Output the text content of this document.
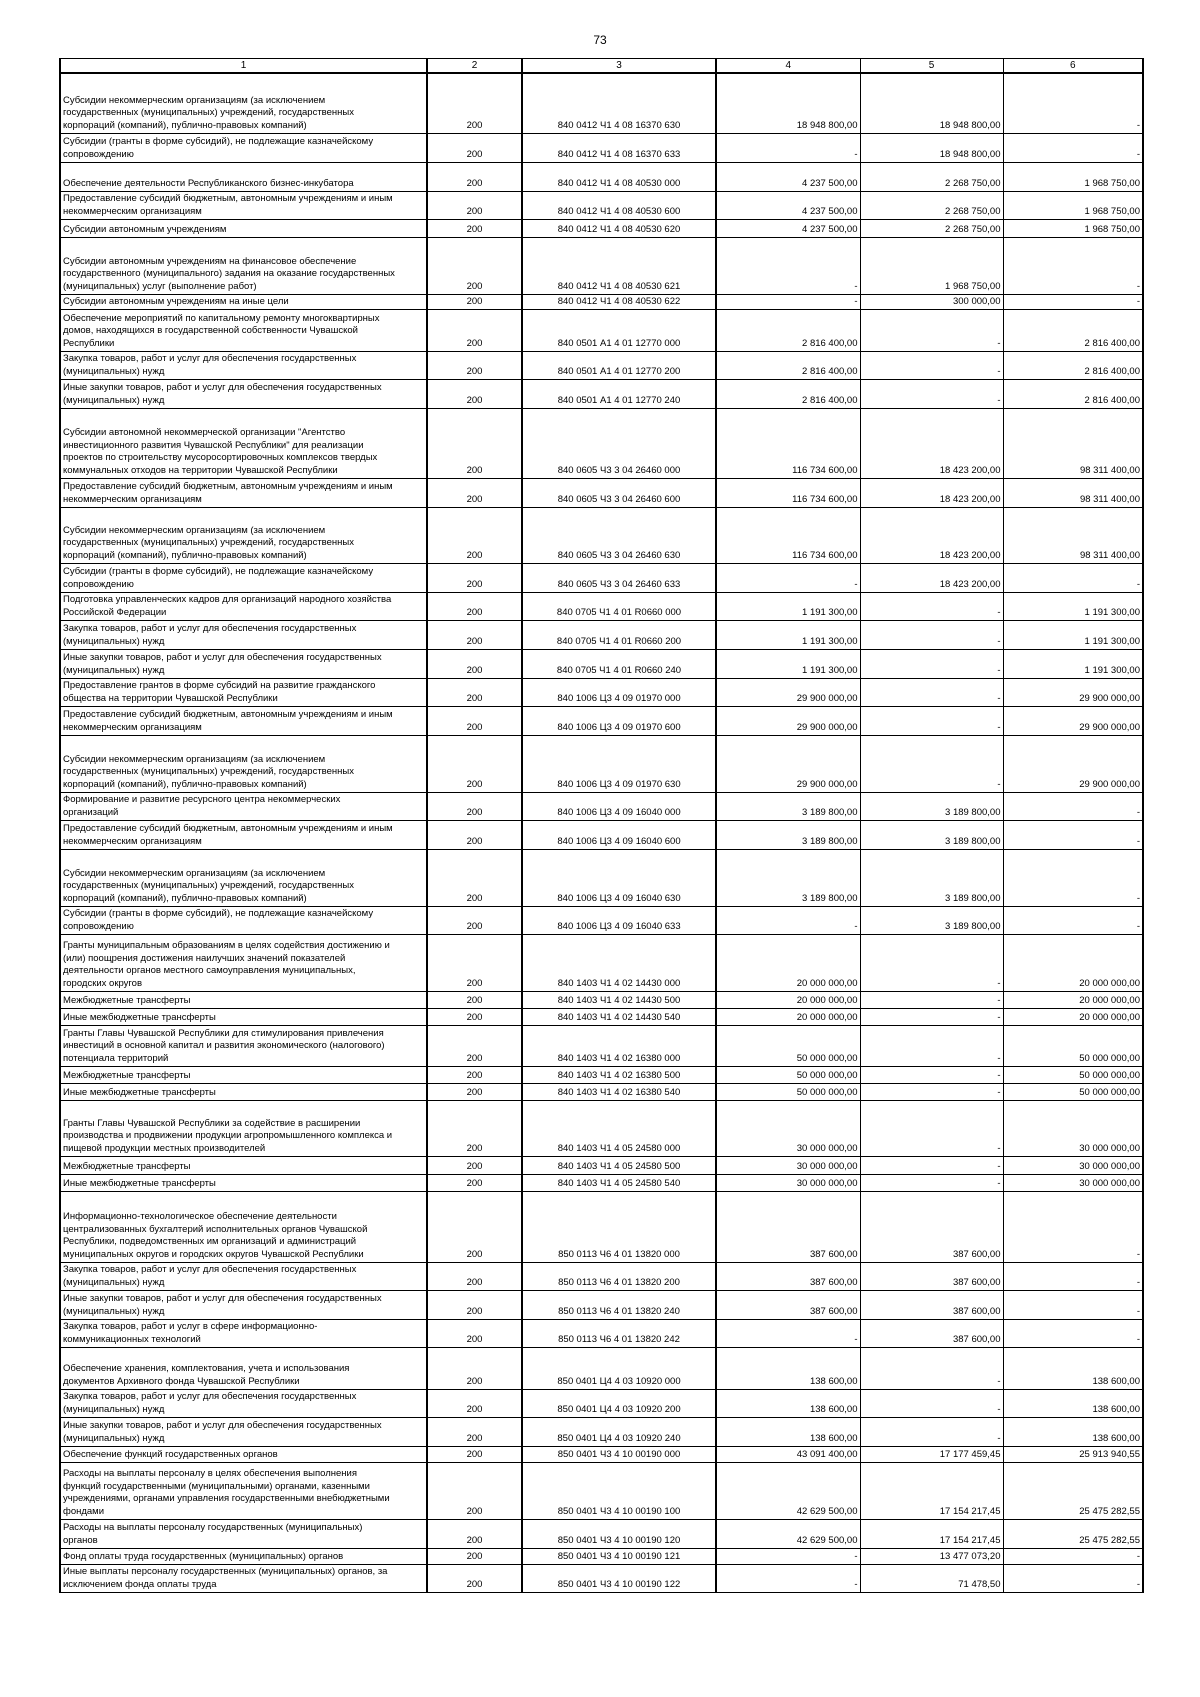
73
1	2	3	4	5	6
Субсидии некоммерческим организациям (за исключением
государственных (муниципальных) учреждений, государственных
корпораций (компаний), публично-правовых компаний)	200	840 0412 Ч1 4 08 16370 630	18 948 800,00	18 948 800,00	-
Субсидии (гранты в форме субсидий), не подлежащие казначейскому
сопровождению	200	840 0412 Ч1 4 08 16370 633	-	18 948 800,00	-
Обеспечение деятельности Республиканского бизнес-инкубатора	200	840 0412 Ч1 4 08 40530 000	4 237 500,00	2 268 750,00	1 968 750,00
Предоставление субсидий бюджетным, автономным учреждениям и иным
некоммерческим организациям	200	840 0412 Ч1 4 08 40530 600	4 237 500,00	2 268 750,00	1 968 750,00
Субсидии автономным учреждениям	200	840 0412 Ч1 4 08 40530 620	4 237 500,00	2 268 750,00	1 968 750,00
Субсидии автономным учреждениям на финансовое обеспечение
государственного (муниципального) задания на оказание государственных
(муниципальных) услуг (выполнение работ)	200	840 0412 Ч1 4 08 40530 621	-	1 968 750,00	-
Субсидии автономным учреждениям на иные цели	200	840 0412 Ч1 4 08 40530 622	-	300 000,00	-
Обеспечение мероприятий по капитальному ремонту многоквартирных
домов, находящихся в государственной собственности Чувашской
Республики	200	840 0501 А1 4 01 12770 000	2 816 400,00	-	2 816 400,00
Закупка товаров, работ и услуг для обеспечения государственных
(муниципальных) нужд	200	840 0501 А1 4 01 12770 200	2 816 400,00	-	2 816 400,00
Иные закупки товаров, работ и услуг для обеспечения государственных
(муниципальных) нужд	200	840 0501 А1 4 01 12770 240	2 816 400,00	-	2 816 400,00
Субсидии автономной некоммерческой организации "Агентство
инвестиционного развития Чувашской Республики" для реализации
проектов по строительству мусоросортировочных комплексов твердых
коммунальных отходов на территории Чувашской Республики	200	840 0605 Ч3 3 04 26460 000	116 734 600,00	18 423 200,00	98 311 400,00
Предоставление субсидий бюджетным, автономным учреждениям и иным
некоммерческим организациям	200	840 0605 Ч3 3 04 26460 600	116 734 600,00	18 423 200,00	98 311 400,00
Субсидии некоммерческим организациям (за исключением
государственных (муниципальных) учреждений, государственных
корпораций (компаний), публично-правовых компаний)	200	840 0605 Ч3 3 04 26460 630	116 734 600,00	18 423 200,00	98 311 400,00
Субсидии (гранты в форме субсидий), не подлежащие казначейскому
сопровождению	200	840 0605 Ч3 3 04 26460 633	-	18 423 200,00	-
Подготовка управленческих кадров для организаций народного хозяйства
Российской Федерации	200	840 0705 Ч1 4 01 R0660 000	1 191 300,00	-	1 191 300,00
Закупка товаров, работ и услуг для обеспечения государственных
(муниципальных) нужд	200	840 0705 Ч1 4 01 R0660 200	1 191 300,00	-	1 191 300,00
Иные закупки товаров, работ и услуг для обеспечения государственных
(муниципальных) нужд	200	840 0705 Ч1 4 01 R0660 240	1 191 300,00	-	1 191 300,00
Предоставление грантов в форме субсидий на развитие гражданского
общества на территории Чувашской Республики	200	840 1006 Ц3 4 09 01970 000	29 900 000,00	-	29 900 000,00
Предоставление субсидий бюджетным, автономным учреждениям и иным
некоммерческим организациям	200	840 1006 Ц3 4 09 01970 600	29 900 000,00	-	29 900 000,00
Субсидии некоммерческим организациям (за исключением
государственных (муниципальных) учреждений, государственных
корпораций (компаний), публично-правовых компаний)	200	840 1006 Ц3 4 09 01970 630	29 900 000,00	-	29 900 000,00
Формирование и развитие ресурсного центра некоммерческих
организаций	200	840 1006 Ц3 4 09 16040 000	3 189 800,00	3 189 800,00	-
Предоставление субсидий бюджетным, автономным учреждениям и иным
некоммерческим организациям	200	840 1006 Ц3 4 09 16040 600	3 189 800,00	3 189 800,00	-
Субсидии некоммерческим организациям (за исключением
государственных (муниципальных) учреждений, государственных
корпораций (компаний), публично-правовых компаний)	200	840 1006 Ц3 4 09 16040 630	3 189 800,00	3 189 800,00	-
Субсидии (гранты в форме субсидий), не подлежащие казначейскому
сопровождению	200	840 1006 Ц3 4 09 16040 633	-	3 189 800,00	-
Гранты муниципальным образованиям в целях содействия достижению и
(или) поощрения достижения наилучших значений показателей
деятельности органов местного самоуправления муниципальных,
городских округов	200	840 1403 Ч1 4 02 14430 000	20 000 000,00	-	20 000 000,00
Межбюджетные трансферты	200	840 1403 Ч1 4 02 14430 500	20 000 000,00	-	20 000 000,00
Иные межбюджетные трансферты	200	840 1403 Ч1 4 02 14430 540	20 000 000,00	-	20 000 000,00
Гранты Главы Чувашской Республики для стимулирования привлечения
инвестиций в основной капитал и развития экономического (налогового)
потенциала территорий	200	840 1403 Ч1 4 02 16380 000	50 000 000,00	-	50 000 000,00
Межбюджетные трансферты	200	840 1403 Ч1 4 02 16380 500	50 000 000,00	-	50 000 000,00
Иные межбюджетные трансферты	200	840 1403 Ч1 4 02 16380 540	50 000 000,00	-	50 000 000,00
Гранты Главы Чувашской Республики за содействие в расширении
производства и продвижении продукции агропромышленного комплекса и
пищевой продукции местных производителей	200	840 1403 Ч1 4 05 24580 000	30 000 000,00	-	30 000 000,00
Межбюджетные трансферты	200	840 1403 Ч1 4 05 24580 500	30 000 000,00	-	30 000 000,00
Иные межбюджетные трансферты	200	840 1403 Ч1 4 05 24580 540	30 000 000,00	-	30 000 000,00
Информационно-технологическое обеспечение деятельности
централизованных бухгалтерий исполнительных органов Чувашской
Республики, подведомственных им организаций и администраций
муниципальных округов и городских округов Чувашской Республики	200	850 0113 Ч6 4 01 13820 000	387 600,00	387 600,00	-
Закупка товаров, работ и услуг для обеспечения государственных
(муниципальных) нужд	200	850 0113 Ч6 4 01 13820 200	387 600,00	387 600,00	-
Иные закупки товаров, работ и услуг для обеспечения государственных
(муниципальных) нужд	200	850 0113 Ч6 4 01 13820 240	387 600,00	387 600,00	-
Закупка товаров, работ и услуг в сфере информационно-
коммуникационных технологий	200	850 0113 Ч6 4 01 13820 242	-	387 600,00	-
Обеспечение хранения, комплектования, учета и использования
документов Архивного фонда Чувашской Республики	200	850 0401 Ц4 4 03 10920 000	138 600,00	-	138 600,00
Закупка товаров, работ и услуг для обеспечения государственных
(муниципальных) нужд	200	850 0401 Ц4 4 03 10920 200	138 600,00	-	138 600,00
Иные закупки товаров, работ и услуг для обеспечения государственных
(муниципальных) нужд	200	850 0401 Ц4 4 03 10920 240	138 600,00	-	138 600,00
Обеспечение функций государственных органов	200	850 0401 Ч3 4 10 00190 000	43 091 400,00	17 177 459,45	25 913 940,55
Расходы на выплаты персоналу в целях обеспечения выполнения
функций государственными (муниципальными) органами, казенными
учреждениями, органами управления государственными внебюджетными
фондами	200	850 0401 Ч3 4 10 00190 100	42 629 500,00	17 154 217,45	25 475 282,55
Расходы на выплаты персоналу государственных (муниципальных)
органов	200	850 0401 Ч3 4 10 00190 120	42 629 500,00	17 154 217,45	25 475 282,55
Фонд оплаты труда государственных (муниципальных) органов	200	850 0401 Ч3 4 10 00190 121	-	13 477 073,20	-
Иные выплаты персоналу государственных (муниципальных) органов, за
исключением фонда оплаты труда	200	850 0401 Ч3 4 10 00190 122	-	71 478,50	-
